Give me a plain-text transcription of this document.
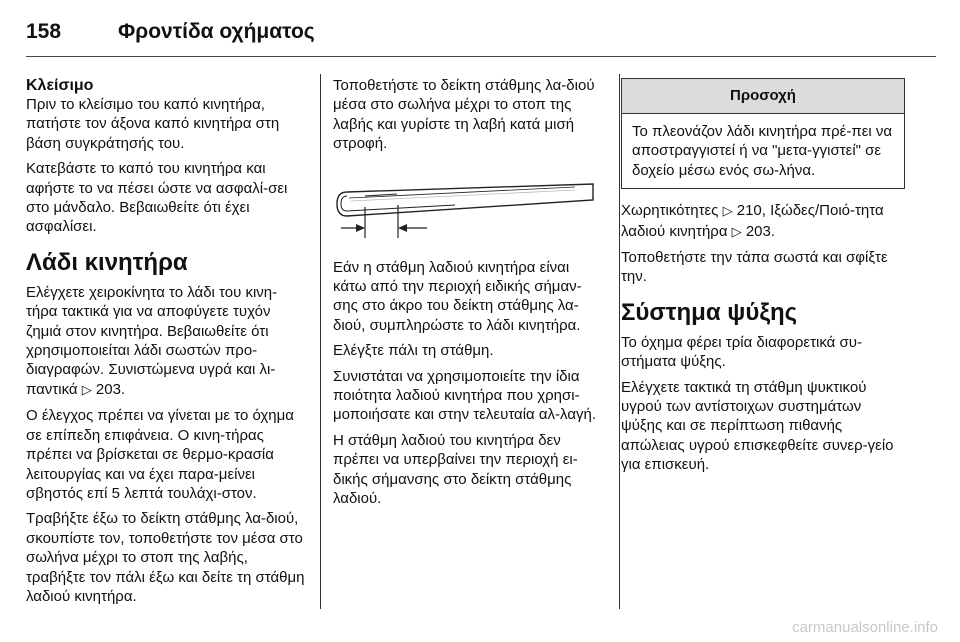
158	Φροντίδα οχήματος
Κλείσιμο

Πριν το κλείσιμο του καπό κινητήρα, πατήστε τον άξονα καπό κινητήρα στη βάση συγκράτησής του.

Κατεβάστε το καπό του κινητήρα και αφήστε το να πέσει ώστε να ασφαλί-σει στο μάνδαλο. Βεβαιωθείτε ότι έχει ασφαλίσει.

Λάδι κινητήρα

Ελέγχετε χειροκίνητα το λάδι του κινη-τήρα τακτικά για να αποφύγετε τυχόν ζημιά στον κινητήρα. Βεβαιωθείτε ότι χρησιμοποιείται λάδι σωστών προ-διαγραφών. Συνιστώμενα υγρά και λι-παντικά ▷ 203.

Ο έλεγχος πρέπει να γίνεται με το όχημα σε επίπεδη επιφάνεια. Ο κινη-τήρας πρέπει να βρίσκεται σε θερμο-κρασία λειτουργίας και να έχει παρα-μείνει σβηστός επί 5 λεπτά τουλάχι-στον.

Τραβήξτε έξω το δείκτη στάθμης λα-διού, σκουπίστε τον, τοποθετήστε τον μέσα στο σωλήνα μέχρι το στοπ της λαβής, τραβήξτε τον πάλι έξω και δείτε τη στάθμη λαδιού κινητήρα.

Τοποθετήστε το δείκτη στάθμης λα-διού μέσα στο σωλήνα μέχρι το στοπ της λαβής και γυρίστε τη λαβή κατά μισή στροφή.

Εάν η στάθμη λαδιού κινητήρα είναι κάτω από την περιοχή ειδικής σήμαν-σης στο άκρο του δείκτη στάθμης λα-διού, συμπληρώστε το λάδι κινητήρα.

Ελέγξτε πάλι τη στάθμη.

Συνιστάται να χρησιμοποιείτε την ίδια ποιότητα λαδιού κινητήρα που χρησι-μοποιήσατε και στην τελευταία αλ-λαγή.

Η στάθμη λαδιού του κινητήρα δεν πρέπει να υπερβαίνει την περιοχή ει-δικής σήμανσης στο δείκτη στάθμης λαδιού.

Προσοχή
Το πλεονάζον λάδι κινητήρα πρέ-πει να αποστραγγιστεί ή να "μετα-γγιστεί" σε δοχείο μέσω ενός σω-λήνα.

Χωρητικότητες ▷ 210, Ιξώδες/Ποιό-τητα λαδιού κινητήρα ▷ 203.

Τοποθετήστε την τάπα σωστά και σφίξτε την.

Σύστημα ψύξης

Το όχημα φέρει τρία διαφορετικά συ-στήματα ψύξης.

Ελέγχετε τακτικά τη στάθμη ψυκτικού υγρού των αντίστοιχων συστημάτων ψύξης και σε περίπτωση πιθανής απώλειας υγρού επισκεφθείτε συνερ-γείο για επισκευή.

carmanualsonline.info
